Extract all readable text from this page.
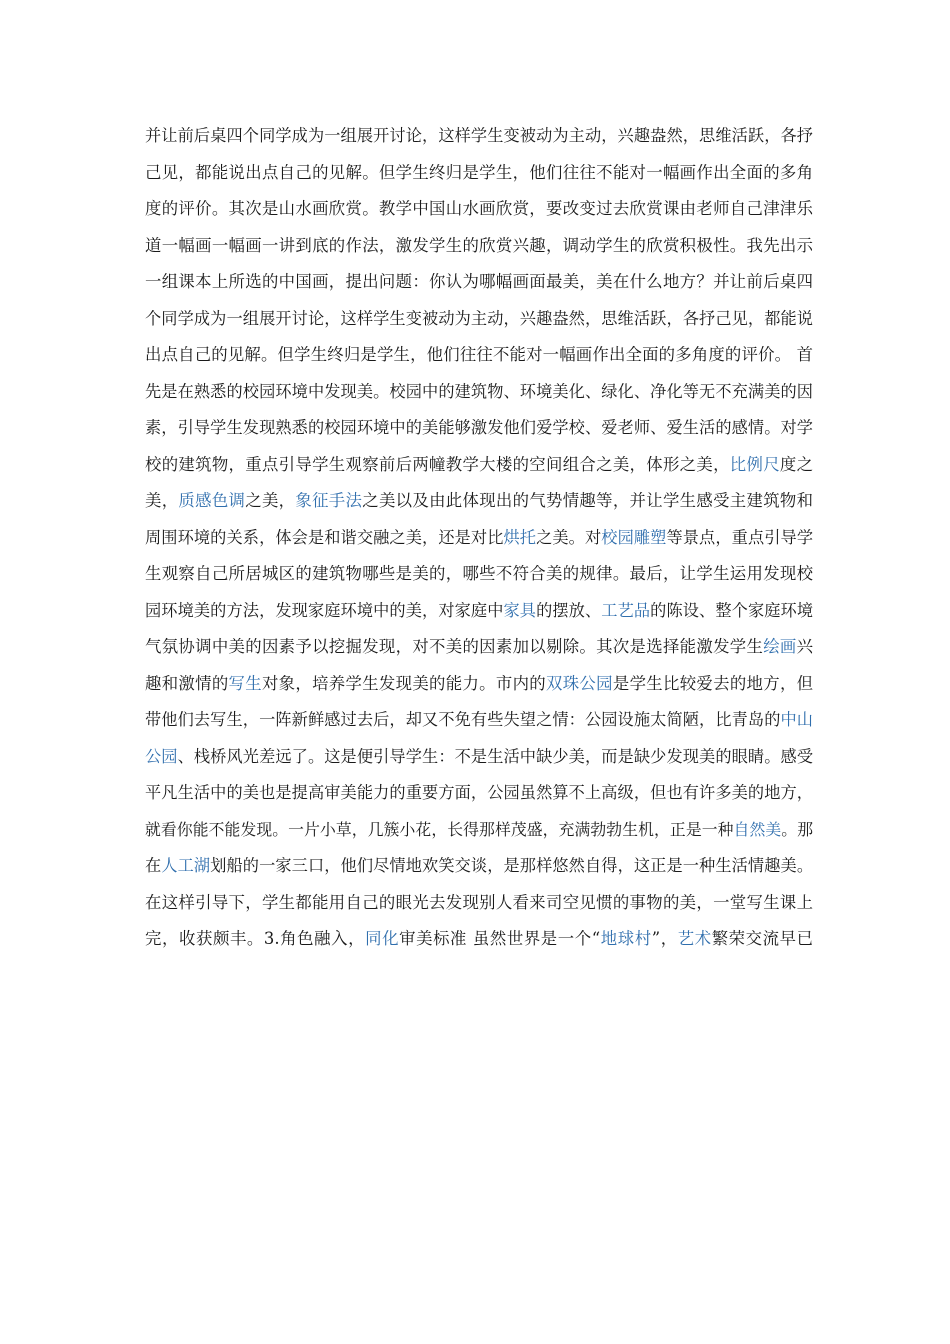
并让前后桌四个同学成为一组展开讨论，这样学生变被动为主动，兴趣盎然，思维活跃，各抒
己见，都能说出点自己的见解。但学生终归是学生，他们往往不能对一幅画作出全面的多角
度的评价。其次是山水画欣赏。教学中国山水画欣赏，要改变过去欣赏课由老师自己津津乐
道一幅画一幅画一讲到底的作法，激发学生的欣赏兴趣，调动学生的欣赏积极性。我先出示
一组课本上所选的中国画，提出问题：你认为哪幅画面最美，美在什么地方？并让前后桌四
个同学成为一组展开讨论，这样学生变被动为主动，兴趣盎然，思维活跃，各抒己见，都能说
出点自己的见解。但学生终归是学生，他们往往不能对一幅画作出全面的多角度的评价。 首
先是在熟悉的校园环境中发现美。校园中的建筑物、环境美化、绿化、净化等无不充满美的因
素，引导学生发现熟悉的校园环境中的美能够激发他们爱学校、爱老师、爱生活的感情。对学
校的建筑物，重点引导学生观察前后两幢教学大楼的空间组合之美，体形之美，比例尺度之
美，质感色调之美，象征手法之美以及由此体现出的气势情趣等，并让学生感受主建筑物和
周围环境的关系，体会是和谐交融之美，还是对比烘托之美。对校园雕塑等景点，重点引导学
生观察自己所居城区的建筑物哪些是美的，哪些不符合美的规律。最后，让学生运用发现校
园环境美的方法，发现家庭环境中的美，对家庭中家具的摆放、工艺品的陈设、整个家庭环境
气氛协调中美的因素予以挖掘发现，对不美的因素加以剔除。其次是选择能激发学生绘画兴
趣和激情的写生对象，培养学生发现美的能力。市内的双珠公园是学生比较爱去的地方，但
带他们去写生，一阵新鲜感过去后，却又不免有些失望之情：公园设施太简陋，比青岛的中山
公园、栈桥风光差远了。这是便引导学生：不是生活中缺少美，而是缺少发现美的眼睛。感受
平凡生活中的美也是提高审美能力的重要方面，公园虽然算不上高级，但也有许多美的地方，
就看你能不能发现。一片小草，几簇小花，长得那样茂盛，充满勃勃生机，正是一种自然美。那
在人工湖划船的一家三口，他们尽情地欢笑交谈，是那样悠然自得，这正是一种生活情趣美。
在这样引导下，学生都能用自己的眼光去发现别人看来司空见惯的事物的美，一堂写生课上
完，收获颇丰。3.角色融入，同化审美标准 虽然世界是一个“地球村”，艺术繁荣交流早已
